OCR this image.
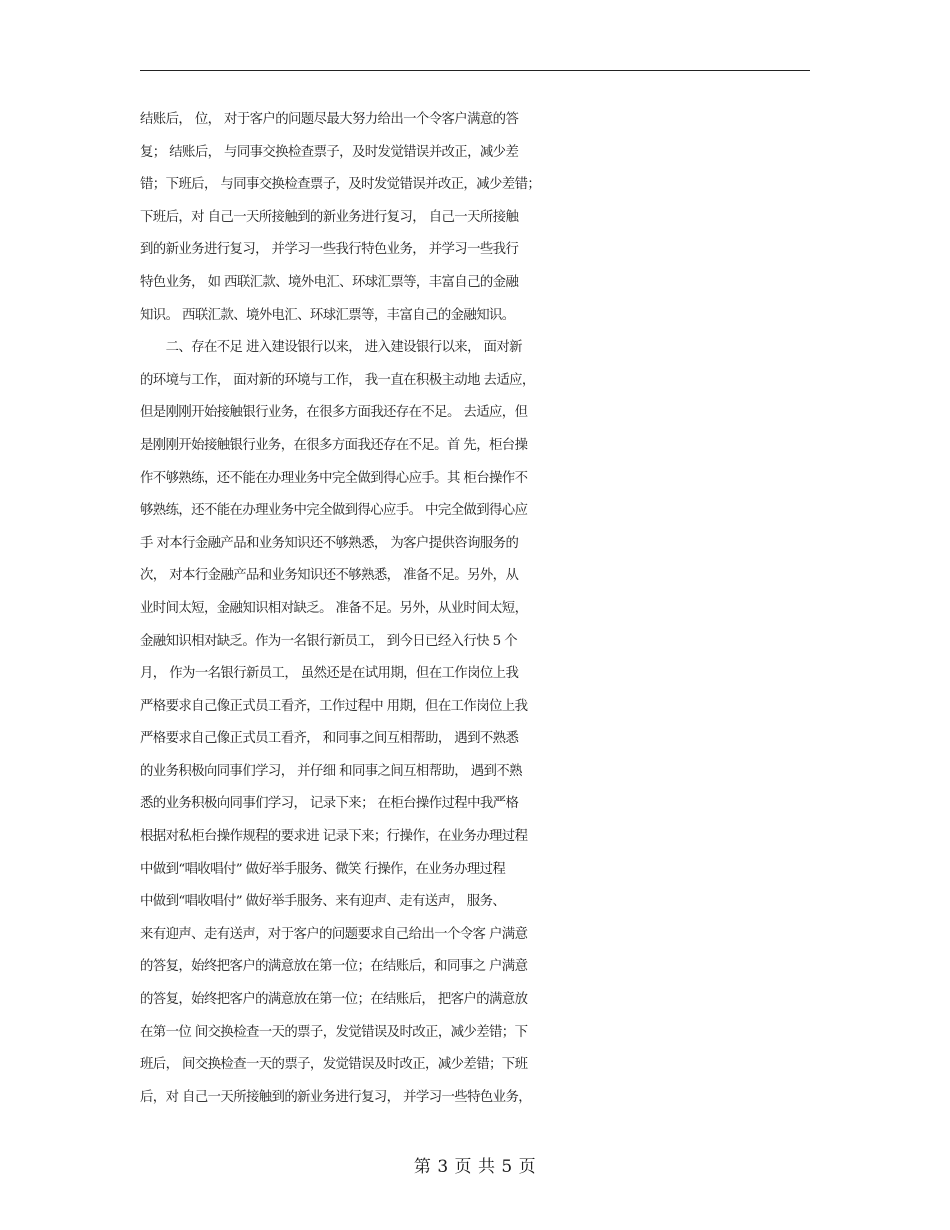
结账后， 位， 对于客户的问题尽最大努力给出一个令客户满意的答
复； 结账后， 与同事交换检查票子，及时发觉错误并改正，减少差
错；下班后， 与同事交换检查票子，及时发觉错误并改正，减少差错；
下班后，对 自己一天所接触到的新业务进行复习， 自己一天所接触
到的新业务进行复习， 并学习一些我行特色业务， 并学习一些我行
特色业务， 如 西联汇款、境外电汇、环球汇票等，丰富自己的金融
知识。 西联汇款、境外电汇、环球汇票等，丰富自己的金融知识。
　　二、存在不足 进入建设银行以来， 进入建设银行以来， 面对新
的环境与工作， 面对新的环境与工作， 我一直在积极主动地 去适应，
但是刚刚开始接触银行业务，在很多方面我还存在不足。 去适应，但
是刚刚开始接触银行业务，在很多方面我还存在不足。首 先，柜台操
作不够熟练，还不能在办理业务中完全做到得心应手。其 柜台操作不
够熟练，还不能在办理业务中完全做到得心应手。 中完全做到得心应
手 对本行金融产品和业务知识还不够熟悉， 为客户提供咨询服务的
次， 对本行金融产品和业务知识还不够熟悉， 准备不足。另外，从
业时间太短，金融知识相对缺乏。 准备不足。另外，从业时间太短，
金融知识相对缺乏。作为一名银行新员工， 到今日已经入行快 5 个
月， 作为一名银行新员工， 虽然还是在试用期，但在工作岗位上我
严格要求自己像正式员工看齐，工作过程中 用期，但在工作岗位上我
严格要求自己像正式员工看齐， 和同事之间互相帮助， 遇到不熟悉
的业务积极向同事们学习， 并仔细 和同事之间互相帮助， 遇到不熟
悉的业务积极向同事们学习， 记录下来； 在柜台操作过程中我严格
根据对私柜台操作规程的要求进 记录下来；行操作，在业务办理过程
中做到“唱收唱付” 做好举手服务、微笑 行操作，在业务办理过程
中做到“唱收唱付” 做好举手服务、来有迎声、走有送声， 服务、
来有迎声、走有送声，对于客户的问题要求自己给出一个令客 户满意
的答复，始终把客户的满意放在第一位；在结账后，和同事之 户满意
的答复，始终把客户的满意放在第一位；在结账后， 把客户的满意放
在第一位 间交换检查一天的票子，发觉错误及时改正，减少差错；下
班后， 间交换检查一天的票子，发觉错误及时改正，减少差错；下班
后，对 自己一天所接触到的新业务进行复习， 并学习一些特色业务，
第 3 页 共 5 页
